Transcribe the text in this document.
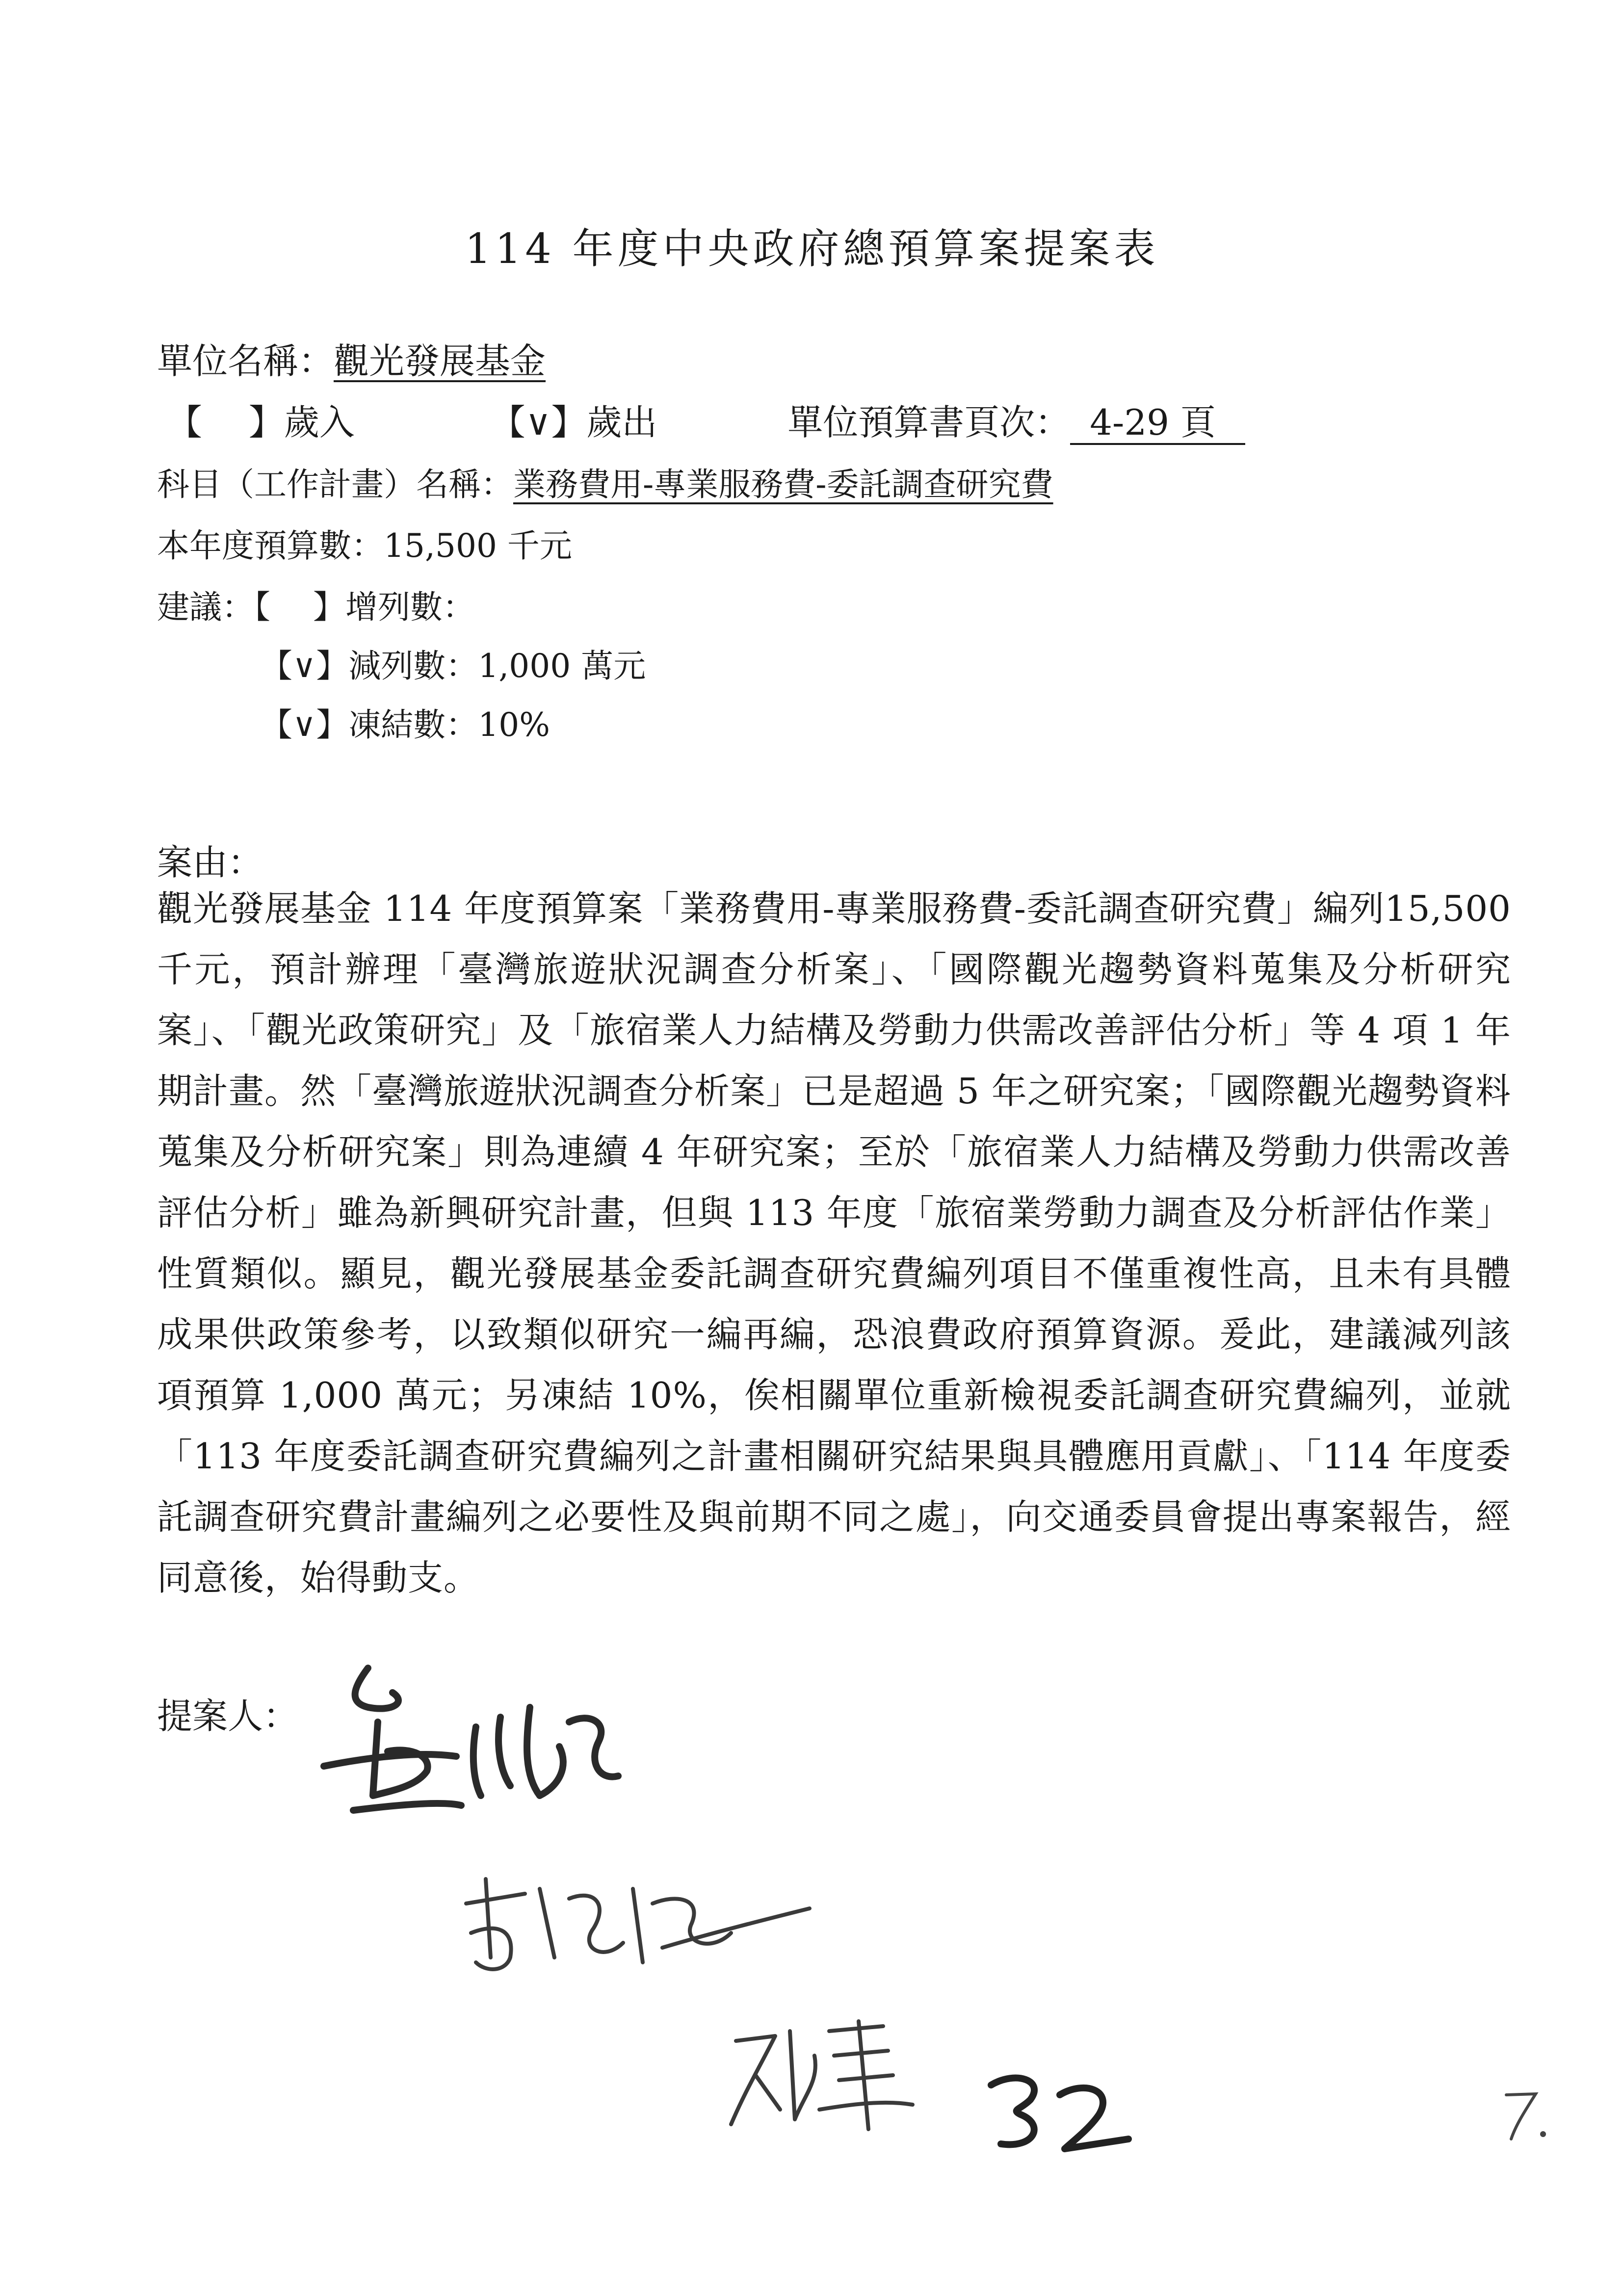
114 年度中央政府總預算案提案表
單位名稱：觀光發展基金
【　 】歲入	【∨】歲出	單位預算書頁次： 4-29 頁
科目（工作計畫）名稱：業務費用-專業服務費-委託調查研究費
本年度預算數：15,500 千元
建議：【　 】增列數：
【∨】減列數：1,000 萬元
【∨】凍結數：10%
案由：

觀光發展基金 114 年度預算案「業務費用-專業服務費-委託調查研究費」編列15,500 千元，預計辦理「臺灣旅遊狀況調查分析案」、「國際觀光趨勢資料蒐集及分析研究案」、「觀光政策研究」及「旅宿業人力結構及勞動力供需改善評估分析」等 4 項 1 年期計畫。然「臺灣旅遊狀況調查分析案」已是超過 5 年之研究案；「國際觀光趨勢資料蒐集及分析研究案」則為連續 4 年研究案；至於「旅宿業人力結構及勞動力供需改善評估分析」雖為新興研究計畫，但與 113 年度「旅宿業勞動力調查及分析評估作業」性質類似。顯見，觀光發展基金委託調查研究費編列項目不僅重複性高，且未有具體成果供政策參考，以致類似研究一編再編，恐浪費政府預算資源。爰此，建議減列該項預算 1,000 萬元；另凍結 10%，俟相關單位重新檢視委託調查研究費編列，並就「113 年度委託調查研究費編列之計畫相關研究結果與具體應用貢獻」、「114 年度委託調查研究費計畫編列之必要性及與前期不同之處」，向交通委員會提出專案報告，經同意後，始得動支。

提案人：
